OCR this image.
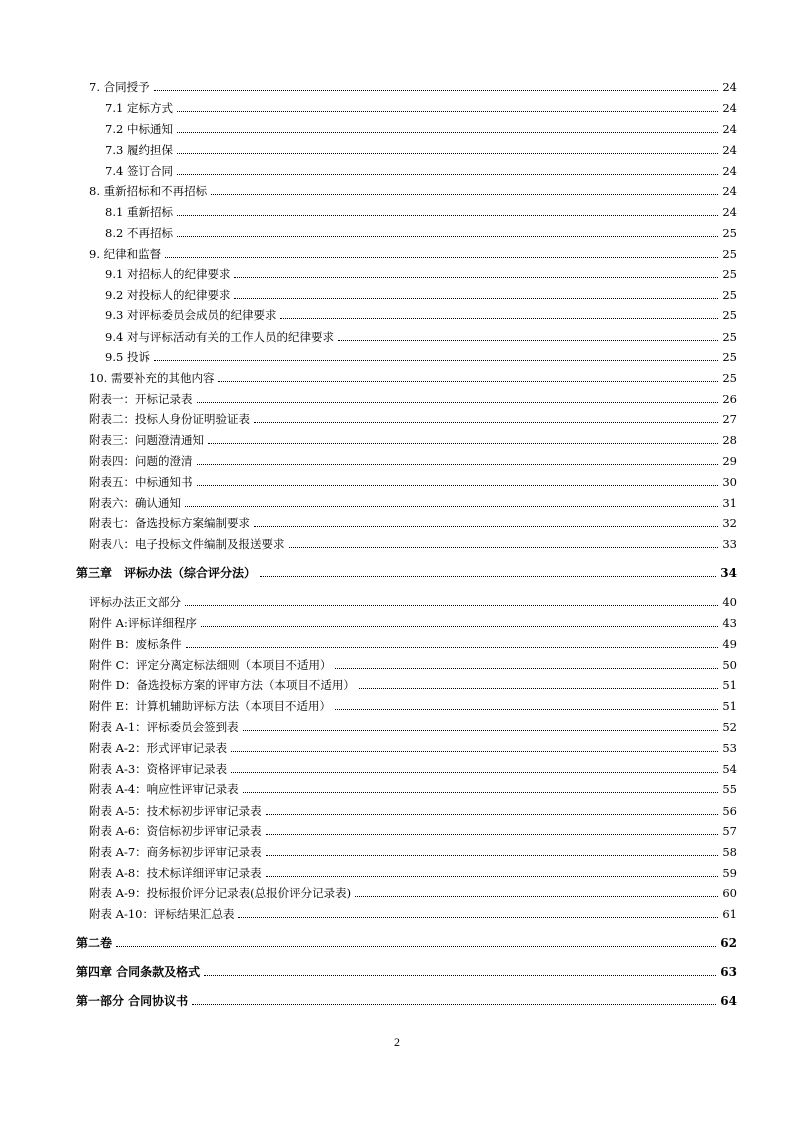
7. 合同授予	24
7.1 定标方式	24
7.2 中标通知	24
7.3 履约担保	24
7.4 签订合同	24
8. 重新招标和不再招标	24
8.1 重新招标	24
8.2 不再招标	25
9. 纪律和监督	25
9.1 对招标人的纪律要求	25
9.2 对投标人的纪律要求	25
9.3 对评标委员会成员的纪律要求	25
9.4 对与评标活动有关的工作人员的纪律要求	25
9.5 投诉	25
10. 需要补充的其他内容	25
附表一：开标记录表	26
附表二：投标人身份证明验证表	27
附表三：问题澄清通知	28
附表四：问题的澄清	29
附表五：中标通知书	30
附表六：确认通知	31
附表七：备选投标方案编制要求	32
附表八：电子投标文件编制及报送要求	33
第三章　评标办法（综合评分法）	34
评标办法正文部分	40
附件 A:评标详细程序	43
附件 B：废标条件	49
附件 C：评定分离定标法细则（本项目不适用）	50
附件 D：备选投标方案的评审方法（本项目不适用）	51
附件 E：计算机辅助评标方法（本项目不适用）	51
附表 A-1：评标委员会签到表	52
附表 A-2：形式评审记录表	53
附表 A-3：资格评审记录表	54
附表 A-4：响应性评审记录表	55
附表 A-5：技术标初步评审记录表	56
附表 A-6：资信标初步评审记录表	57
附表 A-7：商务标初步评审记录表	58
附表 A-8：技术标详细评审记录表	59
附表 A-9：投标报价评分记录表(总报价评分记录表)	60
附表 A-10：评标结果汇总表	61
第二卷	62
第四章 合同条款及格式	63
第一部分 合同协议书	64
2
